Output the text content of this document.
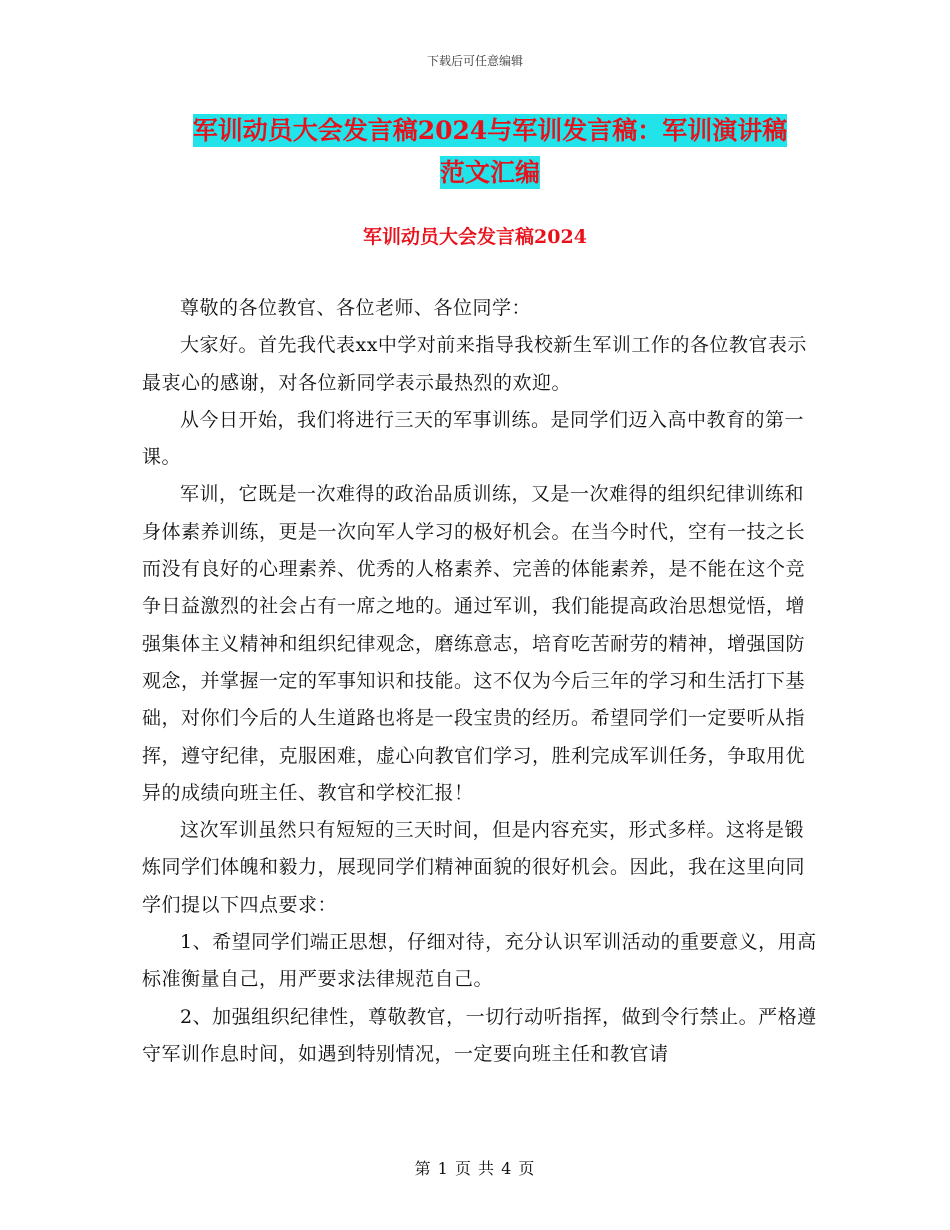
下载后可任意编辑
军训动员大会发言稿2024与军训发言稿：军训演讲稿
范文汇编
军训动员大会发言稿2024

尊敬的各位教官、各位老师、各位同学：

大家好。首先我代表xx中学对前来指导我校新生军训工作的各位教官表示最衷心的感谢，对各位新同学表示最热烈的欢迎。

从今日开始，我们将进行三天的军事训练。是同学们迈入高中教育的第一课。

军训，它既是一次难得的政治品质训练，又是一次难得的组织纪律训练和身体素养训练，更是一次向军人学习的极好机会。在当今时代，空有一技之长而没有良好的心理素养、优秀的人格素养、完善的体能素养，是不能在这个竞争日益激烈的社会占有一席之地的。通过军训，我们能提高政治思想觉悟，增强集体主义精神和组织纪律观念，磨练意志，培育吃苦耐劳的精神，增强国防观念，并掌握一定的军事知识和技能。这不仅为今后三年的学习和生活打下基础，对你们今后的人生道路也将是一段宝贵的经历。希望同学们一定要听从指挥，遵守纪律，克服困难，虚心向教官们学习，胜利完成军训任务，争取用优异的成绩向班主任、教官和学校汇报！

这次军训虽然只有短短的三天时间，但是内容充实，形式多样。这将是锻炼同学们体魄和毅力，展现同学们精神面貌的很好机会。因此，我在这里向同学们提以下四点要求：

1、希望同学们端正思想，仔细对待，充分认识军训活动的重要意义，用高标准衡量自己，用严要求法律规范自己。

2、加强组织纪律性，尊敬教官，一切行动听指挥，做到令行禁止。严格遵守军训作息时间，如遇到特别情况，一定要向班主任和教官请

第 1 页 共 4 页
